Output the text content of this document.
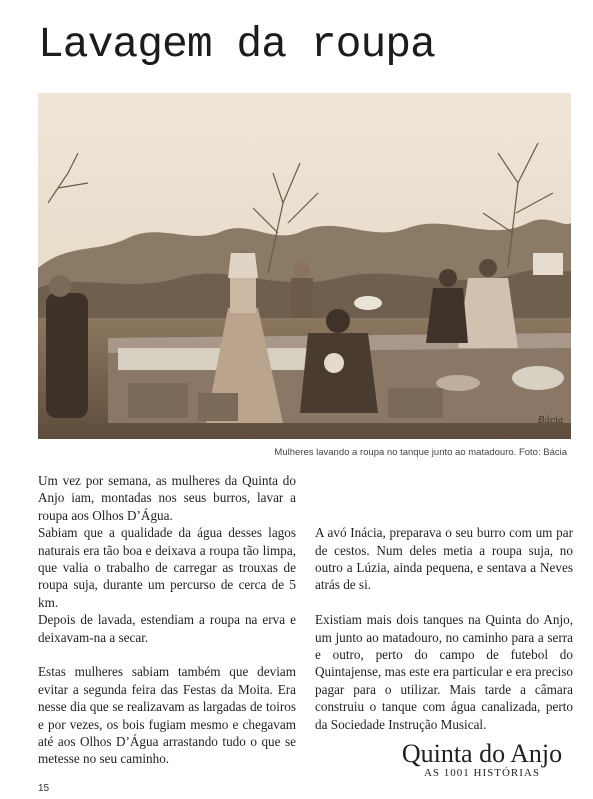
Lavagem da roupa
Bácia
Mulheres lavando a roupa no tanque junto ao matadouro. Foto: Bácia

Um vez por semana, as mulheres da Quinta do Anjo iam, montadas nos seus burros, lavar a roupa aos Olhos D’Água.

Sabiam que a qualidade da água desses lagos naturais era tão boa e deixava a roupa tão limpa, que valia o trabalho de carregar as trouxas de roupa suja, durante um percurso de cerca de 5 km.

Depois de lavada, estendiam a roupa na erva e deixavam-na a secar.

Estas mulheres sabiam também que deviam evitar a segunda feira das Festas da Moita. Era nesse dia que se realizavam as largadas de toiros e por vezes, os bois fugiam mesmo e chegavam até aos Olhos D’Água arrastando tudo o que se metesse no seu caminho.

A avó Inácia, preparava o seu burro com um par de cestos. Num deles metia a roupa suja, no outro a Lúzia, ainda pequena, e sentava a Neves atrás de si.

Existiam mais dois tanques na Quinta do Anjo, um junto ao matadouro, no caminho para a serra e outro, perto do campo de futebol do Quintajense, mas este era particular e era preciso pagar para o utilizar. Mais tarde a câmara construiu o tanque com água canalizada, perto da Sociedade Instrução Musical.

Quinta do Anjo
AS 1001 HISTÓRIAS
15
